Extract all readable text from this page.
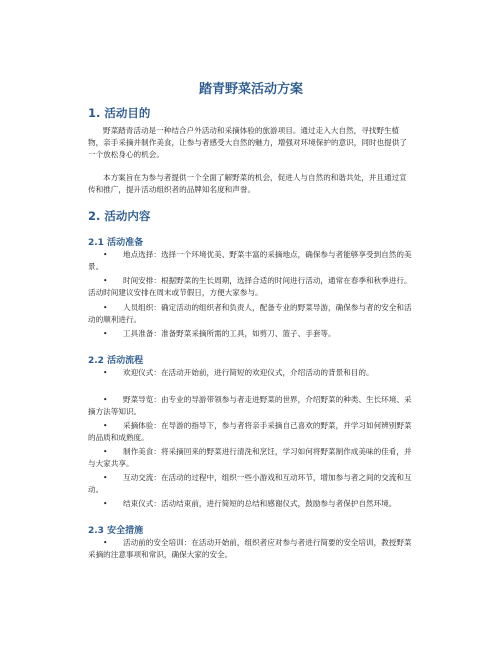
踏青野菜活动方案
1. 活动目的

野菜踏青活动是一种结合户外活动和采摘体验的旅游项目。通过走入大自然，寻找野生植物，亲手采摘并制作美食，让参与者感受大自然的魅力，增强对环境保护的意识，同时也提供了一个放松身心的机会。

本方案旨在为参与者提供一个全面了解野菜的机会，促进人与自然的和谐共处，并且通过宣传和推广，提升活动组织者的品牌知名度和声誉。

2. 活动内容
2.1 活动准备

• 地点选择：选择一个环境优美、野菜丰富的采摘地点，确保参与者能够享受到自然的美景。

• 时间安排：根据野菜的生长周期，选择合适的时间进行活动，通常在春季和秋季进行。活动时间建议安排在周末或节假日，方便大家参与。

• 人员组织：确定活动的组织者和负责人，配备专业的野菜导游，确保参与者的安全和活动的顺利进行。

• 工具准备：准备野菜采摘所需的工具，如剪刀、篮子、手套等。

2.2 活动流程

• 欢迎仪式：在活动开始前，进行简短的欢迎仪式，介绍活动的背景和目的。

• 野菜导览：由专业的导游带领参与者走进野菜的世界，介绍野菜的种类、生长环境、采摘方法等知识。

• 采摘体验：在导游的指导下，参与者将亲手采摘自己喜欢的野菜，并学习如何辨别野菜的品质和成熟度。

• 制作美食：将采摘回来的野菜进行清洗和烹饪，学习如何将野菜制作成美味的佳肴，并与大家共享。

• 互动交流：在活动的过程中，组织一些小游戏和互动环节，增加参与者之间的交流和互动。

• 结束仪式：活动结束前，进行简短的总结和感谢仪式，鼓励参与者保护自然环境。

2.3 安全措施

• 活动前的安全培训：在活动开始前，组织者应对参与者进行简要的安全培训，教授野菜采摘的注意事项和常识，确保大家的安全。
